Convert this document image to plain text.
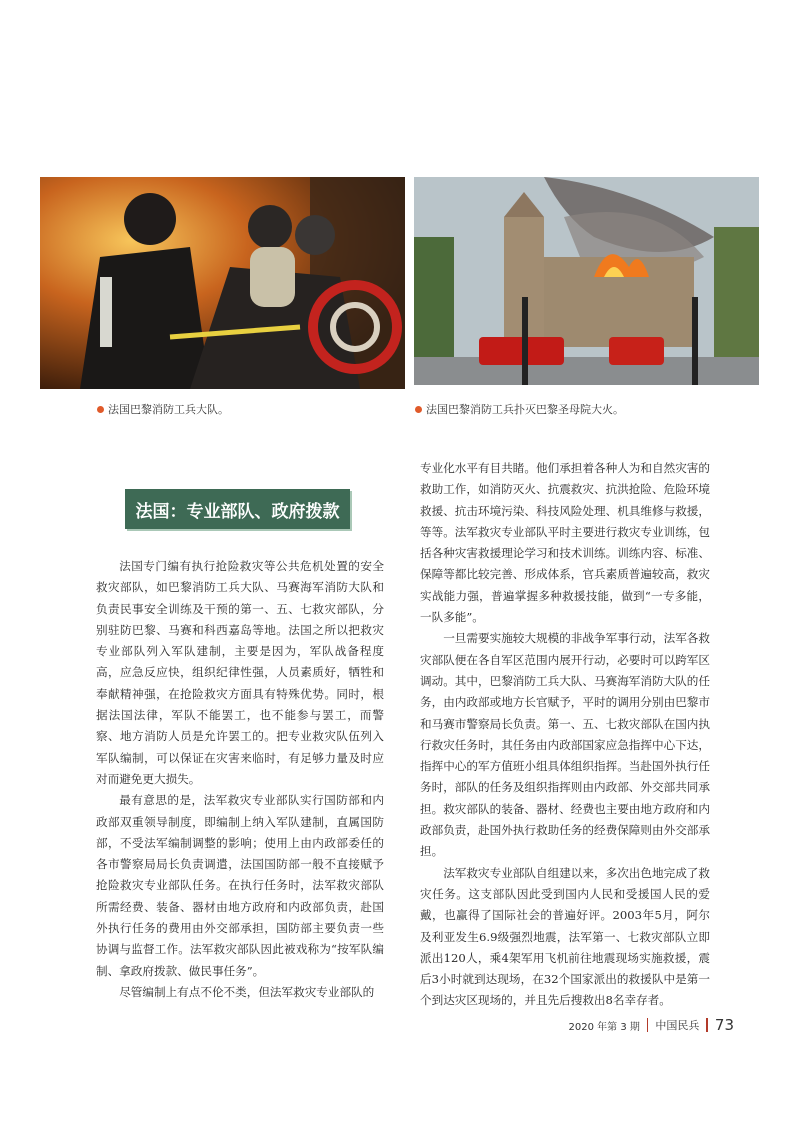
法国巴黎消防工兵大队。	法国巴黎消防工兵扑灭巴黎圣母院大火。
法国：专业部队、政府拨款

法国专门编有执行抢险救灾等公共危机处置的安全救灾部队，如巴黎消防工兵大队、马赛海军消防大队和负责民事安全训练及干预的第一、五、七救灾部队，分别驻防巴黎、马赛和科西嘉岛等地。法国之所以把救灾专业部队列入军队建制，主要是因为，军队战备程度高，应急反应快，组织纪律性强，人员素质好，牺牲和奉献精神强，在抢险救灾方面具有特殊优势。同时，根据法国法律，军队不能罢工，也不能参与罢工，而警察、地方消防人员是允许罢工的。把专业救灾队伍列入军队编制，可以保证在灾害来临时，有足够力量及时应对而避免更大损失。

最有意思的是，法军救灾专业部队实行国防部和内政部双重领导制度，即编制上纳入军队建制，直属国防部，不受法军编制调整的影响；使用上由内政部委任的各市警察局局长负责调遣，法国国防部一般不直接赋予抢险救灾专业部队任务。在执行任务时，法军救灾部队所需经费、装备、器材由地方政府和内政部负责，赴国外执行任务的费用由外交部承担，国防部主要负责一些协调与监督工作。法军救灾部队因此被戏称为“按军队编制、拿政府拨款、做民事任务”。

尽管编制上有点不伦不类，但法军救灾专业部队的

专业化水平有目共睹。他们承担着各种人为和自然灾害的救助工作，如消防灭火、抗震救灾、抗洪抢险、危险环境救援、抗击环境污染、科技风险处理、机具维修与救援，等等。法军救灾专业部队平时主要进行救灾专业训练，包括各种灾害救援理论学习和技术训练。训练内容、标准、保障等都比较完善、形成体系，官兵素质普遍较高，救灾实战能力强，普遍掌握多种救援技能，做到“一专多能，一队多能”。

一旦需要实施较大规模的非战争军事行动，法军各救灾部队便在各自军区范围内展开行动，必要时可以跨军区调动。其中，巴黎消防工兵大队、马赛海军消防大队的任务，由内政部或地方长官赋予，平时的调用分别由巴黎市和马赛市警察局长负责。第一、五、七救灾部队在国内执行救灾任务时，其任务由内政部国家应急指挥中心下达，指挥中心的军方值班小组具体组织指挥。当赴国外执行任务时，部队的任务及组织指挥则由内政部、外交部共同承担。救灾部队的装备、器材、经费也主要由地方政府和内政部负责，赴国外执行救助任务的经费保障则由外交部承担。

法军救灾专业部队自组建以来，多次出色地完成了救灾任务。这支部队因此受到国内人民和受援国人民的爱戴，也赢得了国际社会的普遍好评。2003年5月，阿尔及利亚发生6.9级强烈地震，法军第一、七救灾部队立即派出120人，乘4架军用飞机前往地震现场实施救援，震后3小时就到达现场，在32个国家派出的救援队中是第一个到达灾区现场的，并且先后搜救出8名幸存者。

2020 年第 3 期 中国民兵 73
